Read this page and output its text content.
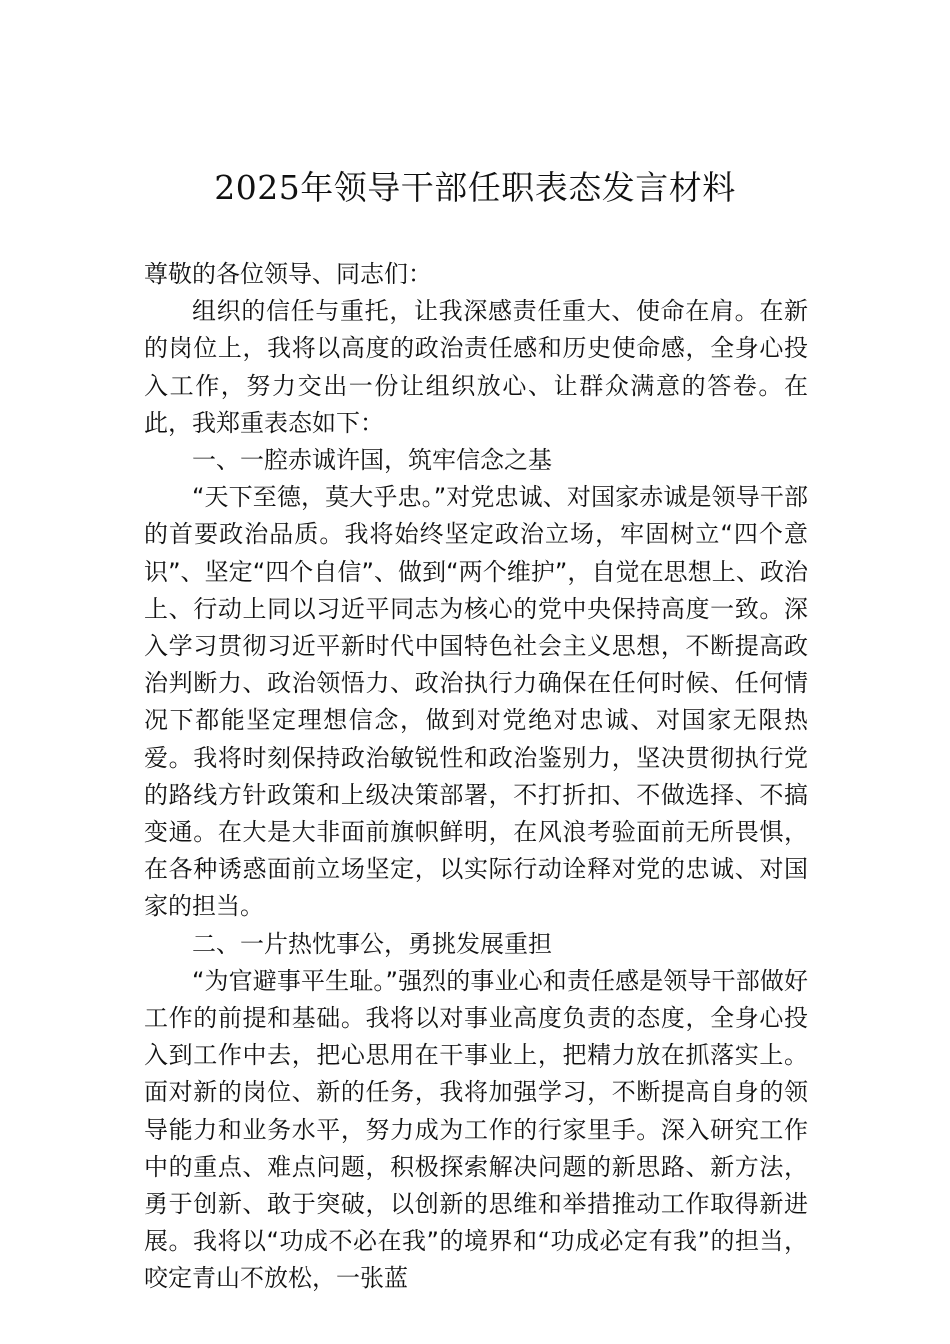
2025年领导干部任职表态发言材料

尊敬的各位领导、同志们：

组织的信任与重托，让我深感责任重大、使命在肩。在新的岗位上，我将以高度的政治责任感和历史使命感，全身心投入工作，努力交出一份让组织放心、让群众满意的答卷。在此，我郑重表态如下：

一、一腔赤诚许国，筑牢信念之基

“天下至德，莫大乎忠。”对党忠诚、对国家赤诚是领导干部的首要政治品质。我将始终坚定政治立场，牢固树立“四个意识”、坚定“四个自信”、做到“两个维护”，自觉在思想上、政治上、行动上同以习近平同志为核心的党中央保持高度一致。深入学习贯彻习近平新时代中国特色社会主义思想，不断提高政治判断力、政治领悟力、政治执行力确保在任何时候、任何情况下都能坚定理想信念，做到对党绝对忠诚、对国家无限热爱。我将时刻保持政治敏锐性和政治鉴别力，坚决贯彻执行党的路线方针政策和上级决策部署，不打折扣、不做选择、不搞变通。在大是大非面前旗帜鲜明，在风浪考验面前无所畏惧，在各种诱惑面前立场坚定，以实际行动诠释对党的忠诚、对国家的担当。

二、一片热忱事公，勇挑发展重担

“为官避事平生耻。”强烈的事业心和责任感是领导干部做好工作的前提和基础。我将以对事业高度负责的态度，全身心投入到工作中去，把心思用在干事业上，把精力放在抓落实上。面对新的岗位、新的任务，我将加强学习，不断提高自身的领导能力和业务水平，努力成为工作的行家里手。深入研究工作中的重点、难点问题，积极探索解决问题的新思路、新方法，勇于创新、敢于突破，以创新的思维和举措推动工作取得新进展。我将以“功成不必在我”的境界和“功成必定有我”的担当，咬定青山不放松，一张蓝
